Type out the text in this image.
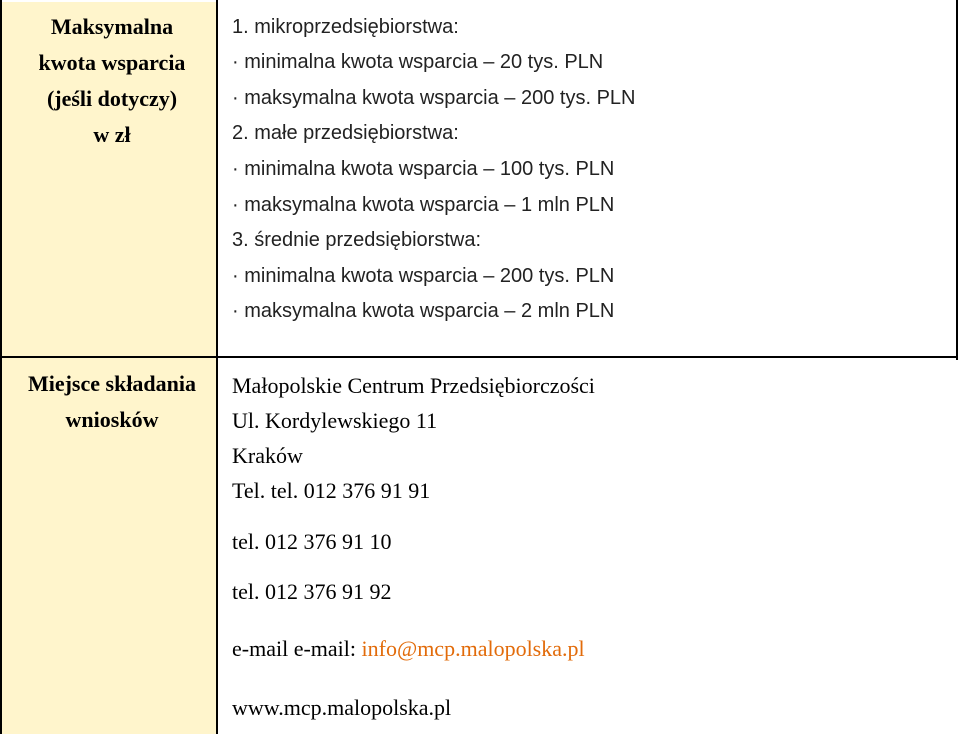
Maksymalna
kwota wsparcia
(jeśli dotyczy)
w zł
1. mikroprzedsiębiorstwa:
· minimalna kwota wsparcia – 20 tys. PLN
· maksymalna kwota wsparcia – 200 tys. PLN
2. małe przedsiębiorstwa:
· minimalna kwota wsparcia – 100 tys. PLN
· maksymalna kwota wsparcia – 1 mln PLN
3. średnie przedsiębiorstwa:
· minimalna kwota wsparcia – 200 tys. PLN
· maksymalna kwota wsparcia – 2 mln PLN
Miejsce składania
wniosków
Małopolskie Centrum Przedsiębiorczości
Ul. Kordylewskiego 11
Kraków
Tel. tel. 012 376 91 91
tel. 012 376 91 10
tel. 012 376 91 92
e-mail e-mail: info@mcp.malopolska.pl
www.mcp.malopolska.pl
